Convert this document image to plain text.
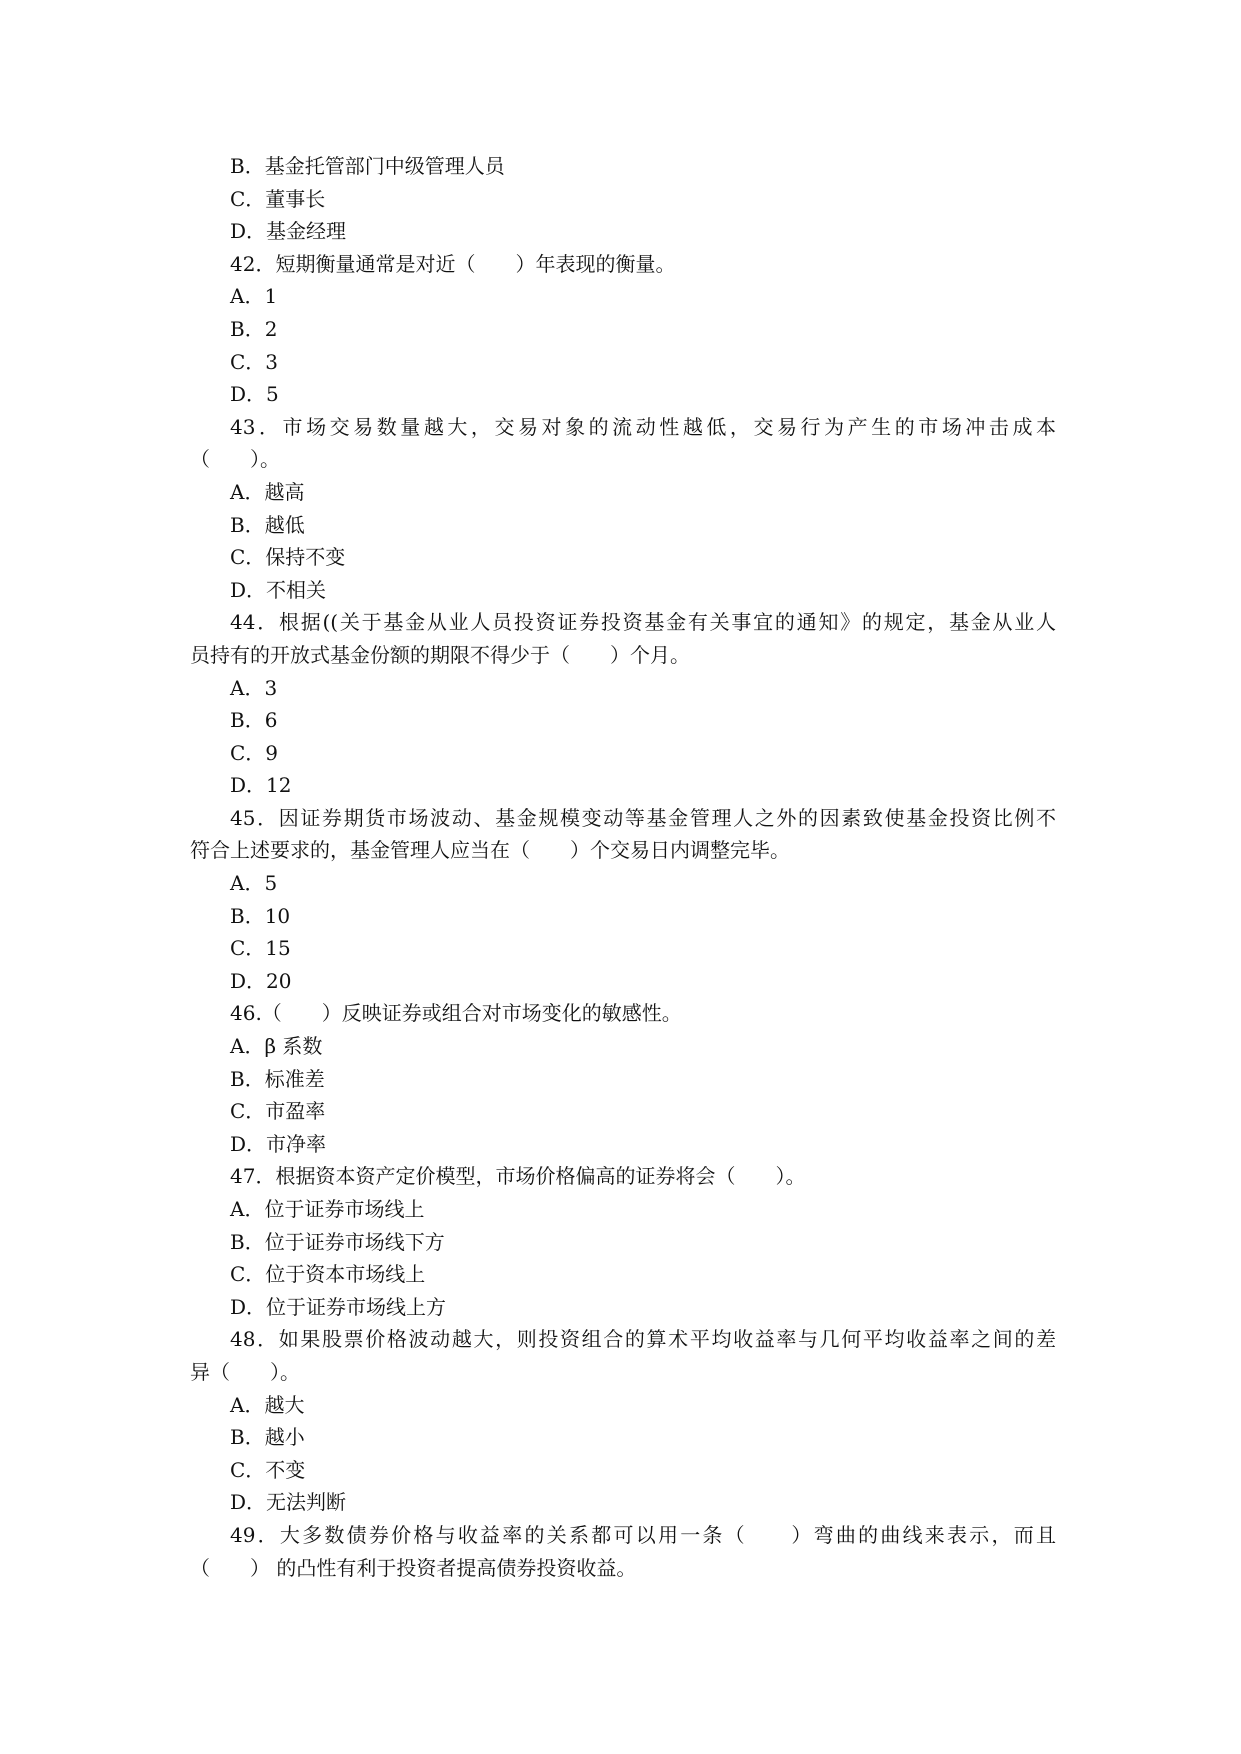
B．基金托管部门中级管理人员
C．董事长
D．基金经理
42．短期衡量通常是对近（　　）年表现的衡量。
A．1
B．2
C．3
D．5
43．市场交易数量越大，交易对象的流动性越低，交易行为产生的市场冲击成本
（　　）。
A．越高
B．越低
C．保持不变
D．不相关
44．根据((关于基金从业人员投资证券投资基金有关事宜的通知》的规定，基金从业人
员持有的开放式基金份额的期限不得少于（　　）个月。
A．3
B．6
C．9
D．12
45．因证券期货市场波动、基金规模变动等基金管理人之外的因素致使基金投资比例不
符合上述要求的，基金管理人应当在（　　）个交易日内调整完毕。
A．5
B．10
C．15
D．20
46.（　　）反映证券或组合对市场变化的敏感性。
A．β 系数
B．标准差
C．市盈率
D．市净率
47．根据资本资产定价模型，市场价格偏高的证券将会（　　）。
A．位于证券市场线上
B．位于证券市场线下方
C．位于资本市场线上
D．位于证券市场线上方
48．如果股票价格波动越大，则投资组合的算术平均收益率与几何平均收益率之间的差
异（　　）。
A．越大
B．越小
C．不变
D．无法判断
49．大多数债券价格与收益率的关系都可以用一条（　　）弯曲的曲线来表示，而且
（　　） 的凸性有利于投资者提高债券投资收益。
